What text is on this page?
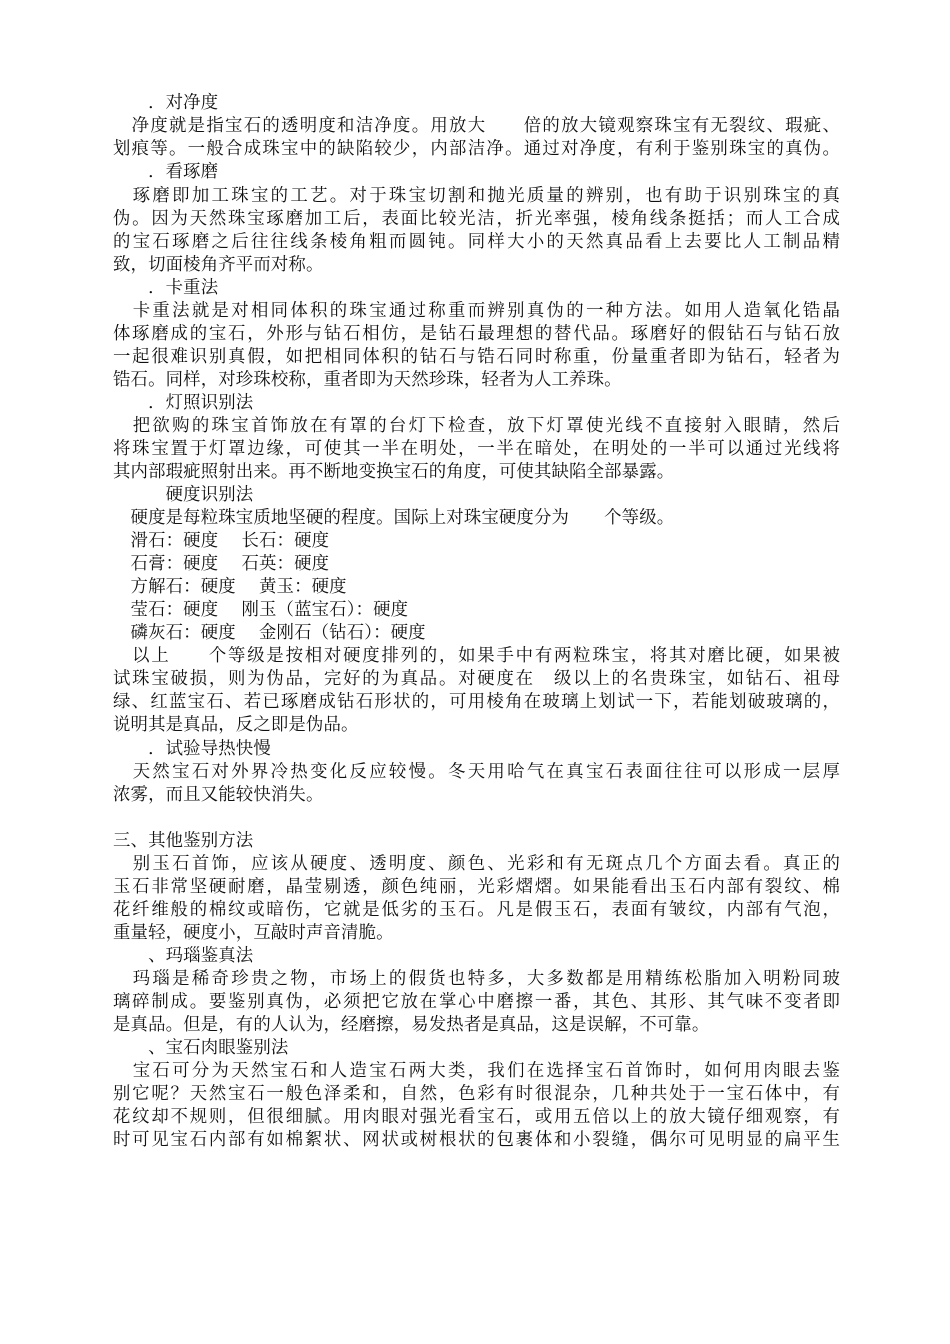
　　．对净度
　净度就是指宝石的透明度和洁净度。用放大　　倍的放大镜观察珠宝有无裂纹、瑕疵、
划痕等。一般合成珠宝中的缺陷较少，内部洁净。通过对净度，有利于鉴别珠宝的真伪。
　　．看琢磨
　琢磨即加工珠宝的工艺。对于珠宝切割和抛光质量的辨别，也有助于识别珠宝的真
伪。因为天然珠宝琢磨加工后，表面比较光洁，折光率强，棱角线条挺括；而人工合成
的宝石琢磨之后往往线条棱角粗而圆钝。同样大小的天然真品看上去要比人工制品精
致，切面棱角齐平而对称。
　　．卡重法
　卡重法就是对相同体积的珠宝通过称重而辨别真伪的一种方法。如用人造氧化锆晶
体琢磨成的宝石，外形与钻石相仿，是钻石最理想的替代品。琢磨好的假钻石与钻石放
一起很难识别真假，如把相同体积的钻石与锆石同时称重，份量重者即为钻石，轻者为
锆石。同样，对珍珠校称，重者即为天然珍珠，轻者为人工养珠。
　　．灯照识别法
　把欲购的珠宝首饰放在有罩的台灯下检查，放下灯罩使光线不直接射入眼睛，然后
将珠宝置于灯罩边缘，可使其一半在明处，一半在暗处，在明处的一半可以通过光线将
其内部瑕疵照射出来。再不断地变换宝石的角度，可使其缺陷全部暴露。
　　　硬度识别法
　硬度是每粒珠宝质地坚硬的程度。国际上对珠宝硬度分为　　个等级。
　滑石：硬度　 长石：硬度
　石膏：硬度　 石英：硬度
　方解石：硬度　 黄玉：硬度
　莹石：硬度　 刚玉（蓝宝石）：硬度
　磷灰石：硬度　 金刚石（钻石）：硬度
　以上　　个等级是按相对硬度排列的，如果手中有两粒珠宝，将其对磨比硬，如果被
试珠宝破损，则为伪品，完好的为真品。对硬度在　级以上的名贵珠宝，如钻石、祖母
绿、红蓝宝石、若已琢磨成钻石形状的，可用棱角在玻璃上划试一下，若能划破玻璃的，
说明其是真品，反之即是伪品。
　　．试验导热快慢
　天然宝石对外界冷热变化反应较慢。冬天用哈气在真宝石表面往往可以形成一层厚
浓雾，而且又能较快消失。
三、其他鉴别方法
　别玉石首饰，应该从硬度、透明度、颜色、光彩和有无斑点几个方面去看。真正的
玉石非常坚硬耐磨，晶莹剔透，颜色纯丽，光彩熠熠。如果能看出玉石内部有裂纹、棉
花纤维般的棉纹或暗伤，它就是低劣的玉石。凡是假玉石，表面有皱纹，内部有气泡，
重量轻，硬度小，互敲时声音清脆。
　　、玛瑙鉴真法
　玛瑙是稀奇珍贵之物，市场上的假货也特多，大多数都是用精练松脂加入明粉同玻
璃碎制成。要鉴别真伪，必须把它放在掌心中磨擦一番，其色、其形、其气味不变者即
是真品。但是，有的人认为，经磨擦，易发热者是真品，这是误解，不可靠。
　　、宝石肉眼鉴别法
　宝石可分为天然宝石和人造宝石两大类，我们在选择宝石首饰时，如何用肉眼去鉴
别它呢？天然宝石一般色泽柔和，自然，色彩有时很混杂，几种共处于一宝石体中，有
花纹却不规则，但很细腻。用肉眼对强光看宝石，或用五倍以上的放大镜仔细观察，有
时可见宝石内部有如棉絮状、网状或树根状的包裹体和小裂缝，偶尔可见明显的扁平生
